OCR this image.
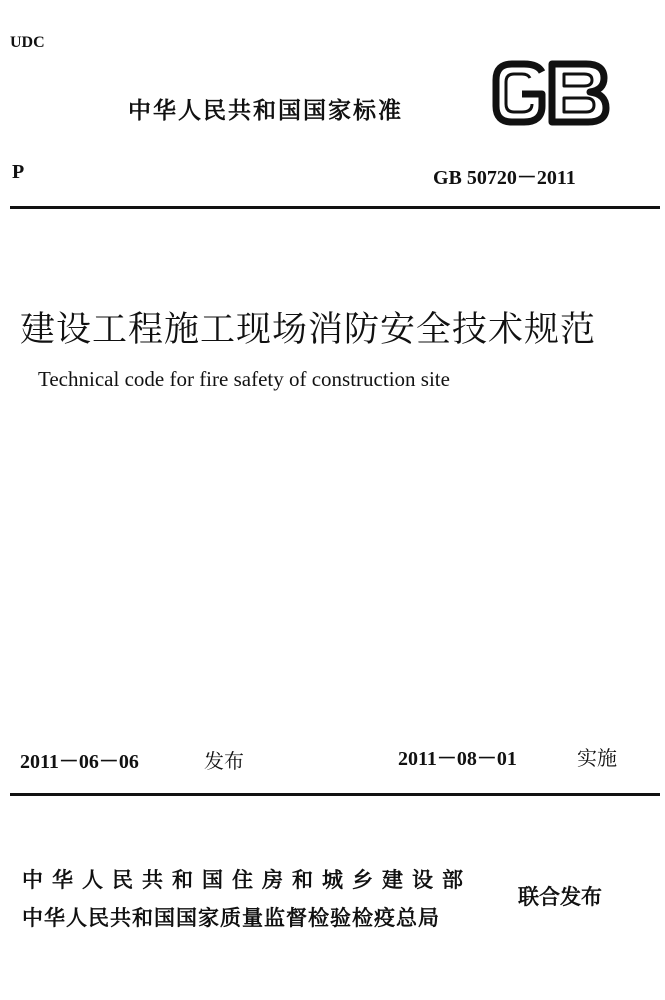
UDC
中华人民共和国国家标准
P	GB 50720－2011
建设工程施工现场消防安全技术规范
Technical code for fire safety of construction site
2011－06－06	发布	2011－08－01	实施
中华人民共和国住房和城乡建设部
中华人民共和国国家质量监督检验检疫总局
联合发布
